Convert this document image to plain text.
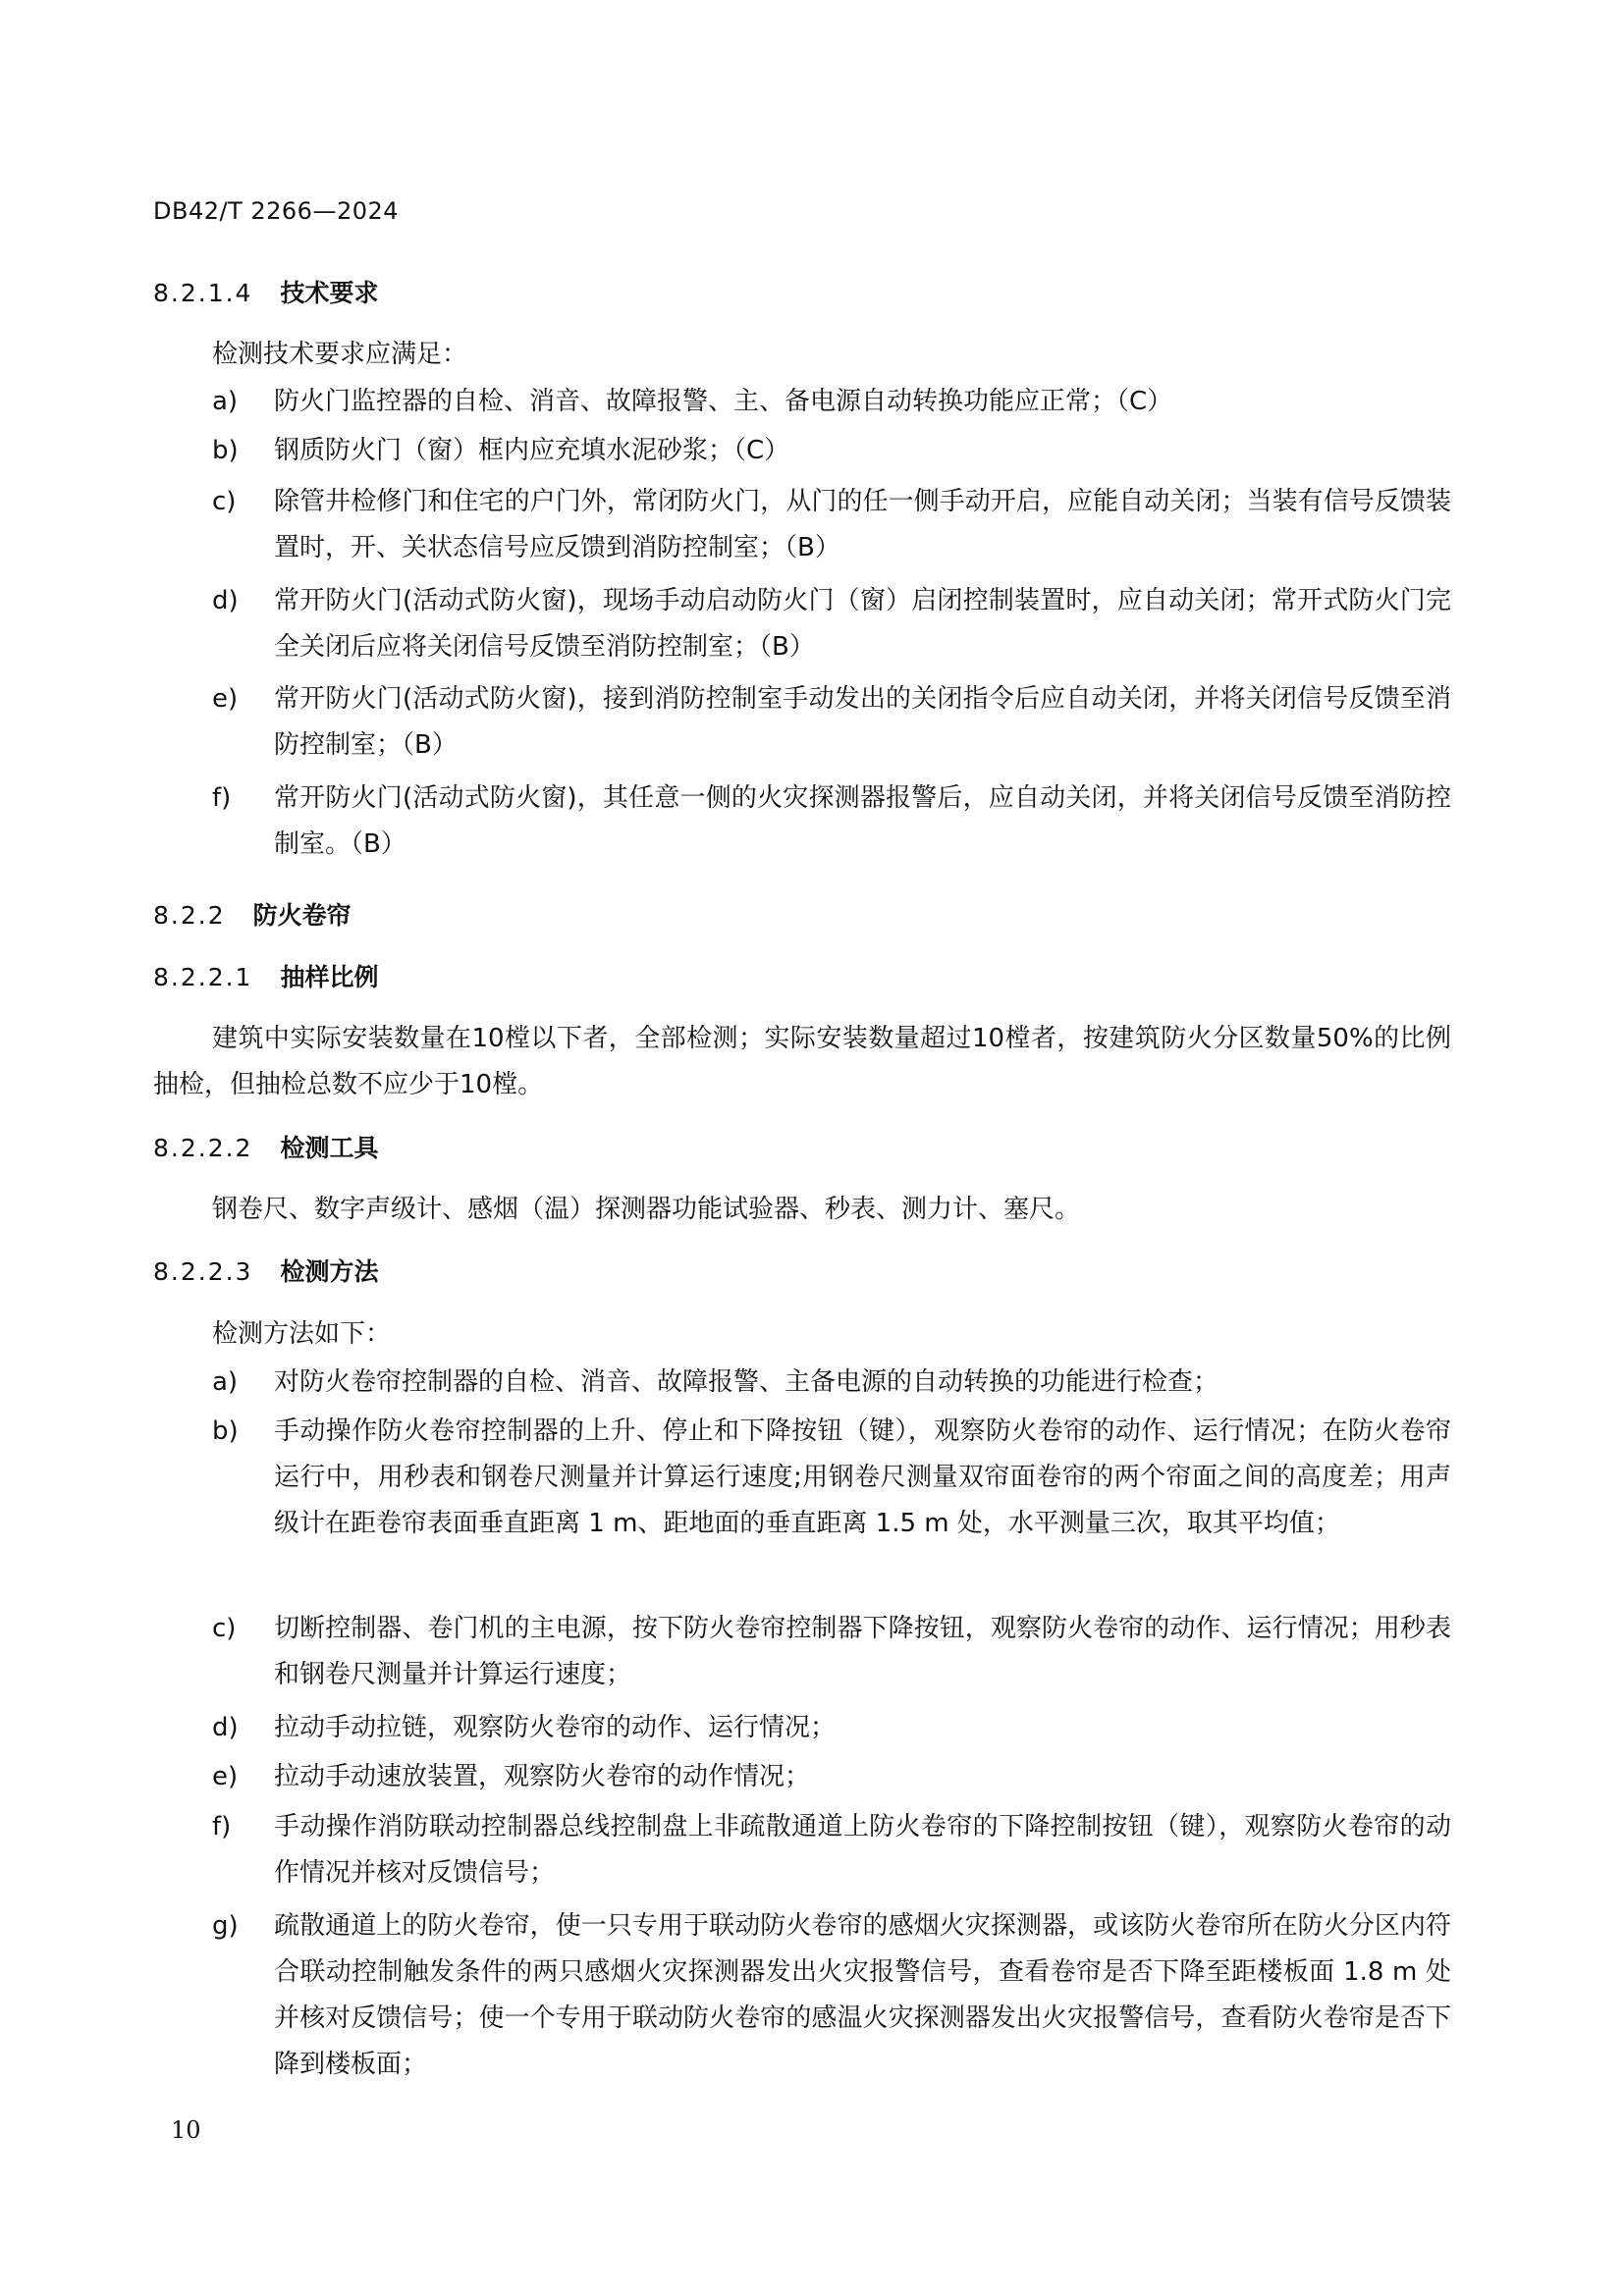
DB42/T 2266—2024
8.2.1.4 技术要求
检测技术要求应满足：
a)	防火门监控器的自检、消音、故障报警、主、备电源自动转换功能应正常；（C）
b)	钢质防火门（窗）框内应充填水泥砂浆；（C）
c)	除管井检修门和住宅的户门外，常闭防火门，从门的任一侧手动开启，应能自动关闭；当装有信号反馈装置时，开、关状态信号应反馈到消防控制室；（B）
d)	常开防火门(活动式防火窗)，现场手动启动防火门（窗）启闭控制装置时，应自动关闭；常开式防火门完全关闭后应将关闭信号反馈至消防控制室；（B）
e)	常开防火门(活动式防火窗)，接到消防控制室手动发出的关闭指令后应自动关闭，并将关闭信号反馈至消防控制室；（B）
f)	常开防火门(活动式防火窗)，其任意一侧的火灾探测器报警后，应自动关闭，并将关闭信号反馈至消防控制室。（B）
8.2.2 防火卷帘
8.2.2.1 抽样比例
建筑中实际安装数量在10樘以下者，全部检测；实际安装数量超过10樘者，按建筑防火分区数量50%的比例抽检，但抽检总数不应少于10樘。
8.2.2.2 检测工具
钢卷尺、数字声级计、感烟（温）探测器功能试验器、秒表、测力计、塞尺。
8.2.2.3 检测方法
检测方法如下：
a)	对防火卷帘控制器的自检、消音、故障报警、主备电源的自动转换的功能进行检查；
b)	手动操作防火卷帘控制器的上升、停止和下降按钮（键），观察防火卷帘的动作、运行情况；在防火卷帘运行中，用秒表和钢卷尺测量并计算运行速度;用钢卷尺测量双帘面卷帘的两个帘面之间的高度差；用声级计在距卷帘表面垂直距离 1 m、距地面的垂直距离 1.5 m 处，水平测量三次，取其平均值；
c)	切断控制器、卷门机的主电源，按下防火卷帘控制器下降按钮，观察防火卷帘的动作、运行情况；用秒表和钢卷尺测量并计算运行速度；
d)	拉动手动拉链，观察防火卷帘的动作、运行情况；
e)	拉动手动速放装置，观察防火卷帘的动作情况；
f)	手动操作消防联动控制器总线控制盘上非疏散通道上防火卷帘的下降控制按钮（键），观察防火卷帘的动作情况并核对反馈信号；
g)	疏散通道上的防火卷帘，使一只专用于联动防火卷帘的感烟火灾探测器，或该防火卷帘所在防火分区内符合联动控制触发条件的两只感烟火灾探测器发出火灾报警信号，查看卷帘是否下降至距楼板面 1.8 m 处并核对反馈信号；使一个专用于联动防火卷帘的感温火灾探测器发出火灾报警信号，查看防火卷帘是否下降到楼板面；
10
